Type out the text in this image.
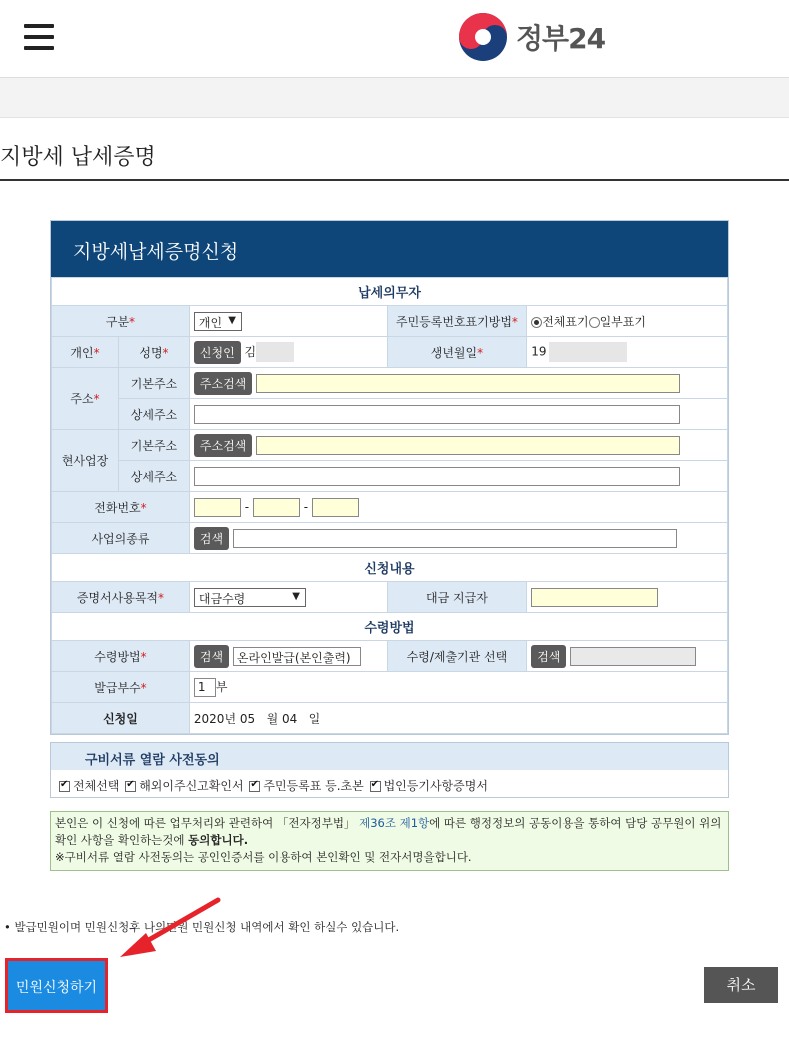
정부24
지방세 납세증명
지방세납세증명신청
납세의무자				
구분*		개인 ▼	주민등록번호표기방법*	전체표기 일부표기
개인*	성명*	신청인 김	생년월일*	19
주소*	기본주소	주소검색		
	상세주소			
현사업장	기본주소	주소검색		
	상세주소			
전화번호*		- -		
사업의종류		검색		
신청내용				
증명서사용목적*		대금수령 ▼	대금 지급자	
수령방법				
수령방법*		검색 온라인발급(본인출력)	수령/제출기관 선택	검색
발급부수*		1 부		
신청일		2020년 05   월 04   일		
구비서류 열람 사전동의
✔전체선택 ✔ 해외이주신고확인서 ✔ 주민등록표 등.초본 ✔ 법인등기사항증명서
본인은 이 신청에 따른 업무처리와 관련하여 「전자정부법」 제36조 제1항에 따른 행정정보의 공동이용을 통하여 담당 공무원이 위의 확인 사항을 확인하는것에 동의합니다.
※구비서류 열람 사전동의는 공인인증서를 이용하여 본인확인 및 전자서명을합니다.
• 발급민원이며 민원신청후 나의민원 민원신청 내역에서 확인 하실수 있습니다.
민원신청하기	취소
